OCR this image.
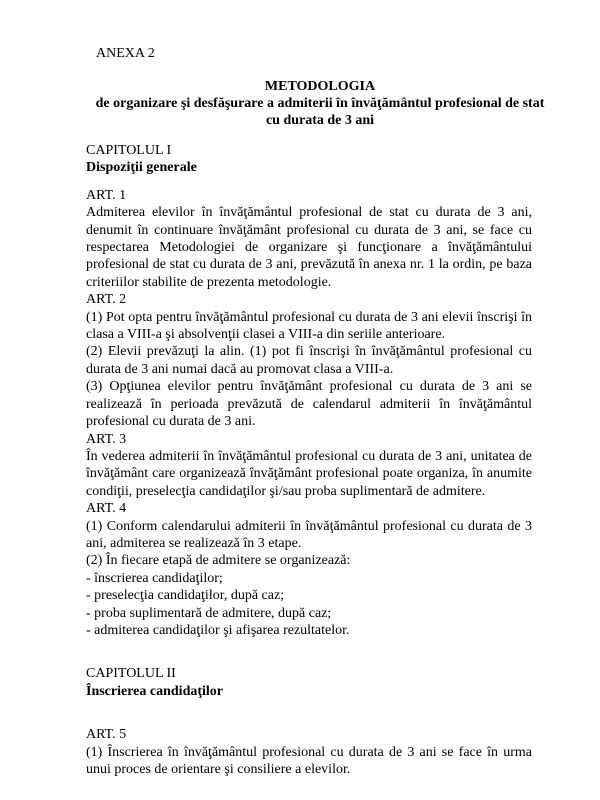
ANEXA 2
METODOLOGIA
de organizare şi desfăşurare a admiterii în învăţământul profesional de stat cu durata de 3 ani

CAPITOLUL I

Dispoziţii generale

ART. 1

Admiterea elevilor în învăţământul profesional de stat cu durata de 3 ani, denumit în continuare învăţământ profesional cu durata de 3 ani, se face cu respectarea Metodologiei de organizare şi funcţionare a învăţământului profesional de stat cu durata de 3 ani, prevăzută în anexa nr. 1 la ordin, pe baza criteriilor stabilite de prezenta metodologie.

ART. 2

(1) Pot opta pentru învăţământul profesional cu durata de 3 ani elevii înscrişi în clasa a VIII-a şi absolvenţii clasei a VIII-a din seriile anterioare.

(2) Elevii prevăzuţi la alin. (1) pot fi înscrişi în învăţământul profesional cu durata de 3 ani numai dacă au promovat clasa a VIII-a.

(3) Opţiunea elevilor pentru învăţământ profesional cu durata de 3 ani se realizează în perioada prevăzută de calendarul admiterii în învăţământul profesional cu durata de 3 ani.

ART. 3

În vederea admiterii în învăţământul profesional cu durata de 3 ani, unitatea de învăţământ care organizează învăţământ profesional poate organiza, în anumite condiţii, preselecţia candidaţilor şi/sau proba suplimentară de admitere.

ART. 4

(1) Conform calendarului admiterii în învăţământul profesional cu durata de 3 ani, admiterea se realizează în 3 etape.

(2) În fiecare etapă de admitere se organizează:

- înscrierea candidaţilor;

- preselecţia candidaţilor, după caz;

- proba suplimentară de admitere, după caz;

- admiterea candidaţilor şi afişarea rezultatelor.

CAPITOLUL II

Înscrierea candidaţilor

ART. 5

(1) Înscrierea în învăţământul profesional cu durata de 3 ani se face în urma unui proces de orientare şi consiliere a elevilor.
